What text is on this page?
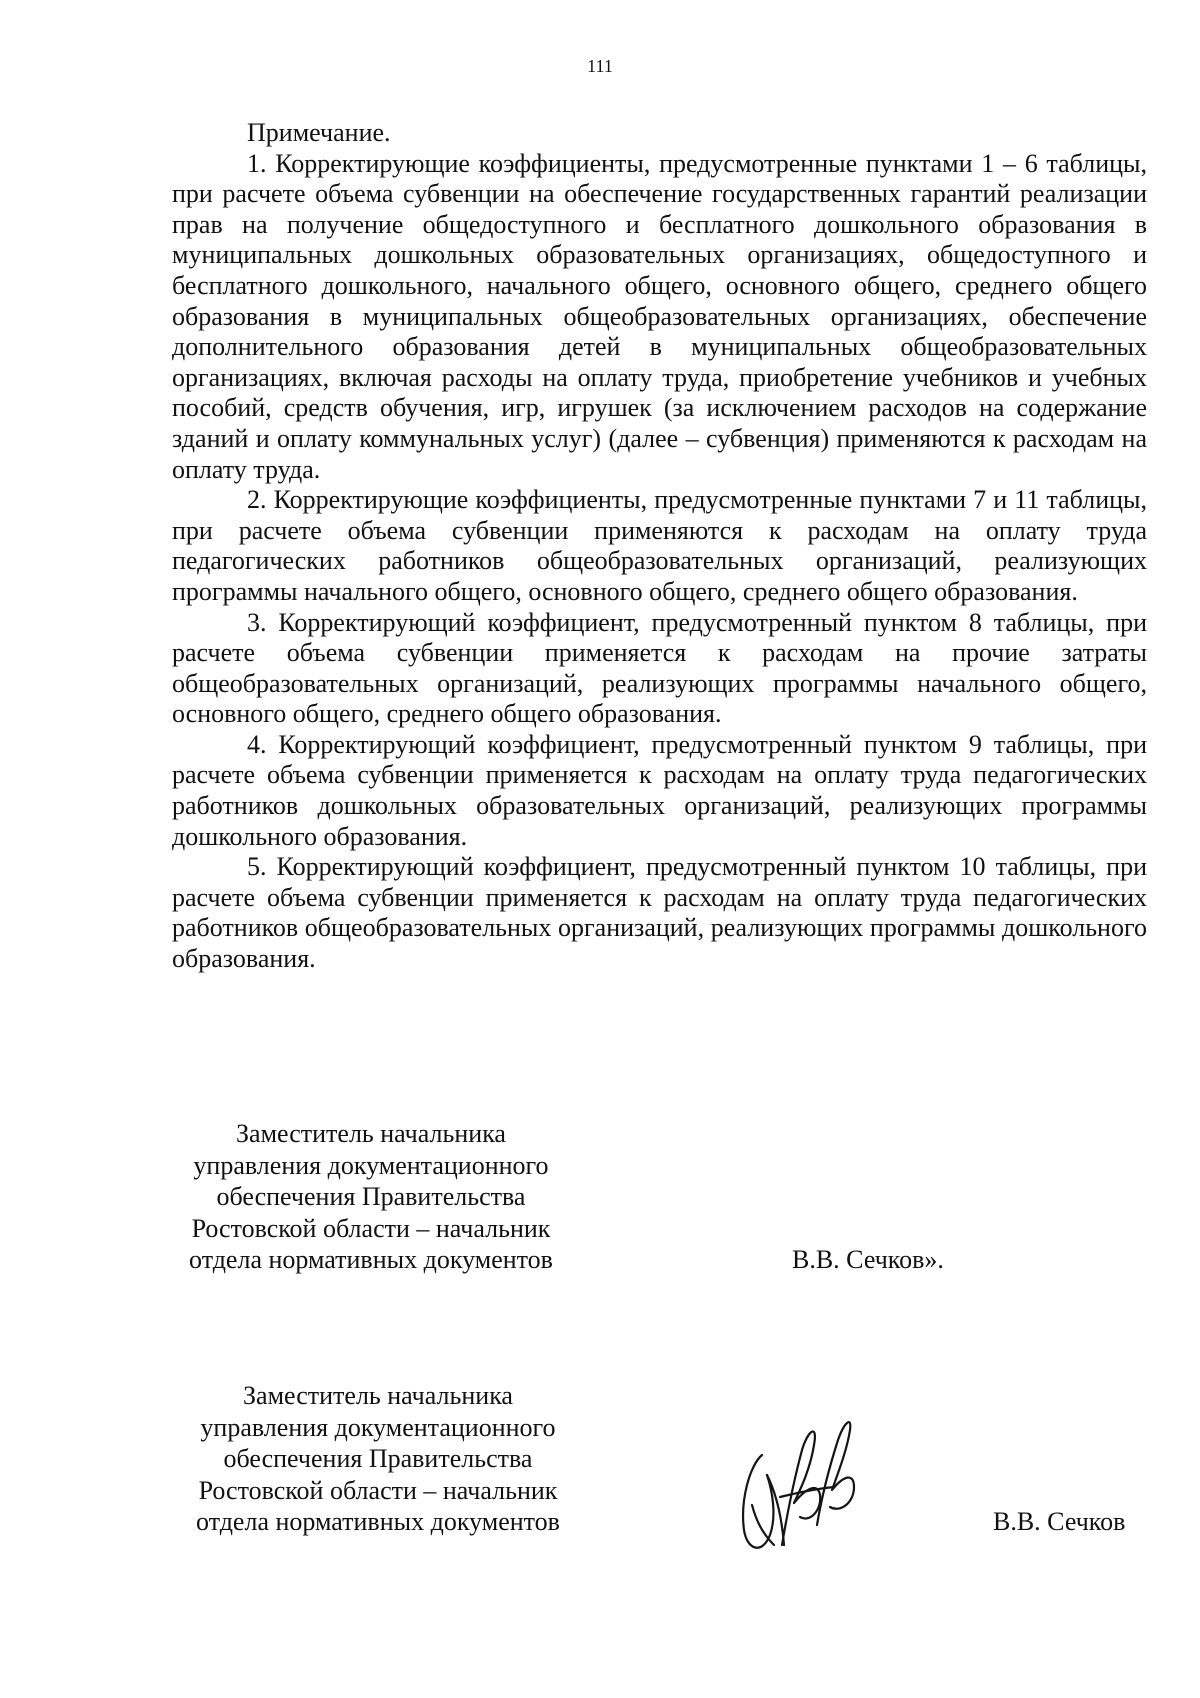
111

Примечание.

1. Корректирующие коэффициенты, предусмотренные пунктами 1 – 6 таблицы, при расчете объема субвенции на обеспечение государственных гарантий реализации прав на получение общедоступного и бесплатного дошкольного образования в муниципальных дошкольных образовательных организациях, общедоступного и бесплатного дошкольного, начального общего, основного общего, среднего общего образования в муниципальных общеобразовательных организациях, обеспечение дополнительного образования детей в муниципальных общеобразовательных организациях, включая расходы на оплату труда, приобретение учебников и учебных пособий, средств обучения, игр, игрушек (за исключением расходов на содержание зданий и оплату коммунальных услуг) (далее – субвенция) применяются к расходам на оплату труда.

2. Корректирующие коэффициенты, предусмотренные пунктами 7 и 11 таблицы, при расчете объема субвенции применяются к расходам на оплату труда педагогических работников общеобразовательных организаций, реализующих программы начального общего, основного общего, среднего общего образования.

3. Корректирующий коэффициент, предусмотренный пунктом 8 таблицы, при расчете объема субвенции применяется к расходам на прочие затраты общеобразовательных организаций, реализующих программы начального общего, основного общего, среднего общего образования.

4. Корректирующий коэффициент, предусмотренный пунктом 9 таблицы, при расчете объема субвенции применяется к расходам на оплату труда педагогических работников дошкольных образовательных организаций, реализующих программы дошкольного образования.

5. Корректирующий коэффициент, предусмотренный пунктом 10 таблицы, при расчете объема субвенции применяется к расходам на оплату труда педагогических работников общеобразовательных организаций, реализующих программы дошкольного образования.

Заместитель начальника
управления документационного
обеспечения Правительства
Ростовской области – начальник
отдела нормативных документов	В.В. Сечков».
Заместитель начальника
управления документационного
обеспечения Правительства
Ростовской области – начальник
отдела нормативных документов	В.В. Сечков
